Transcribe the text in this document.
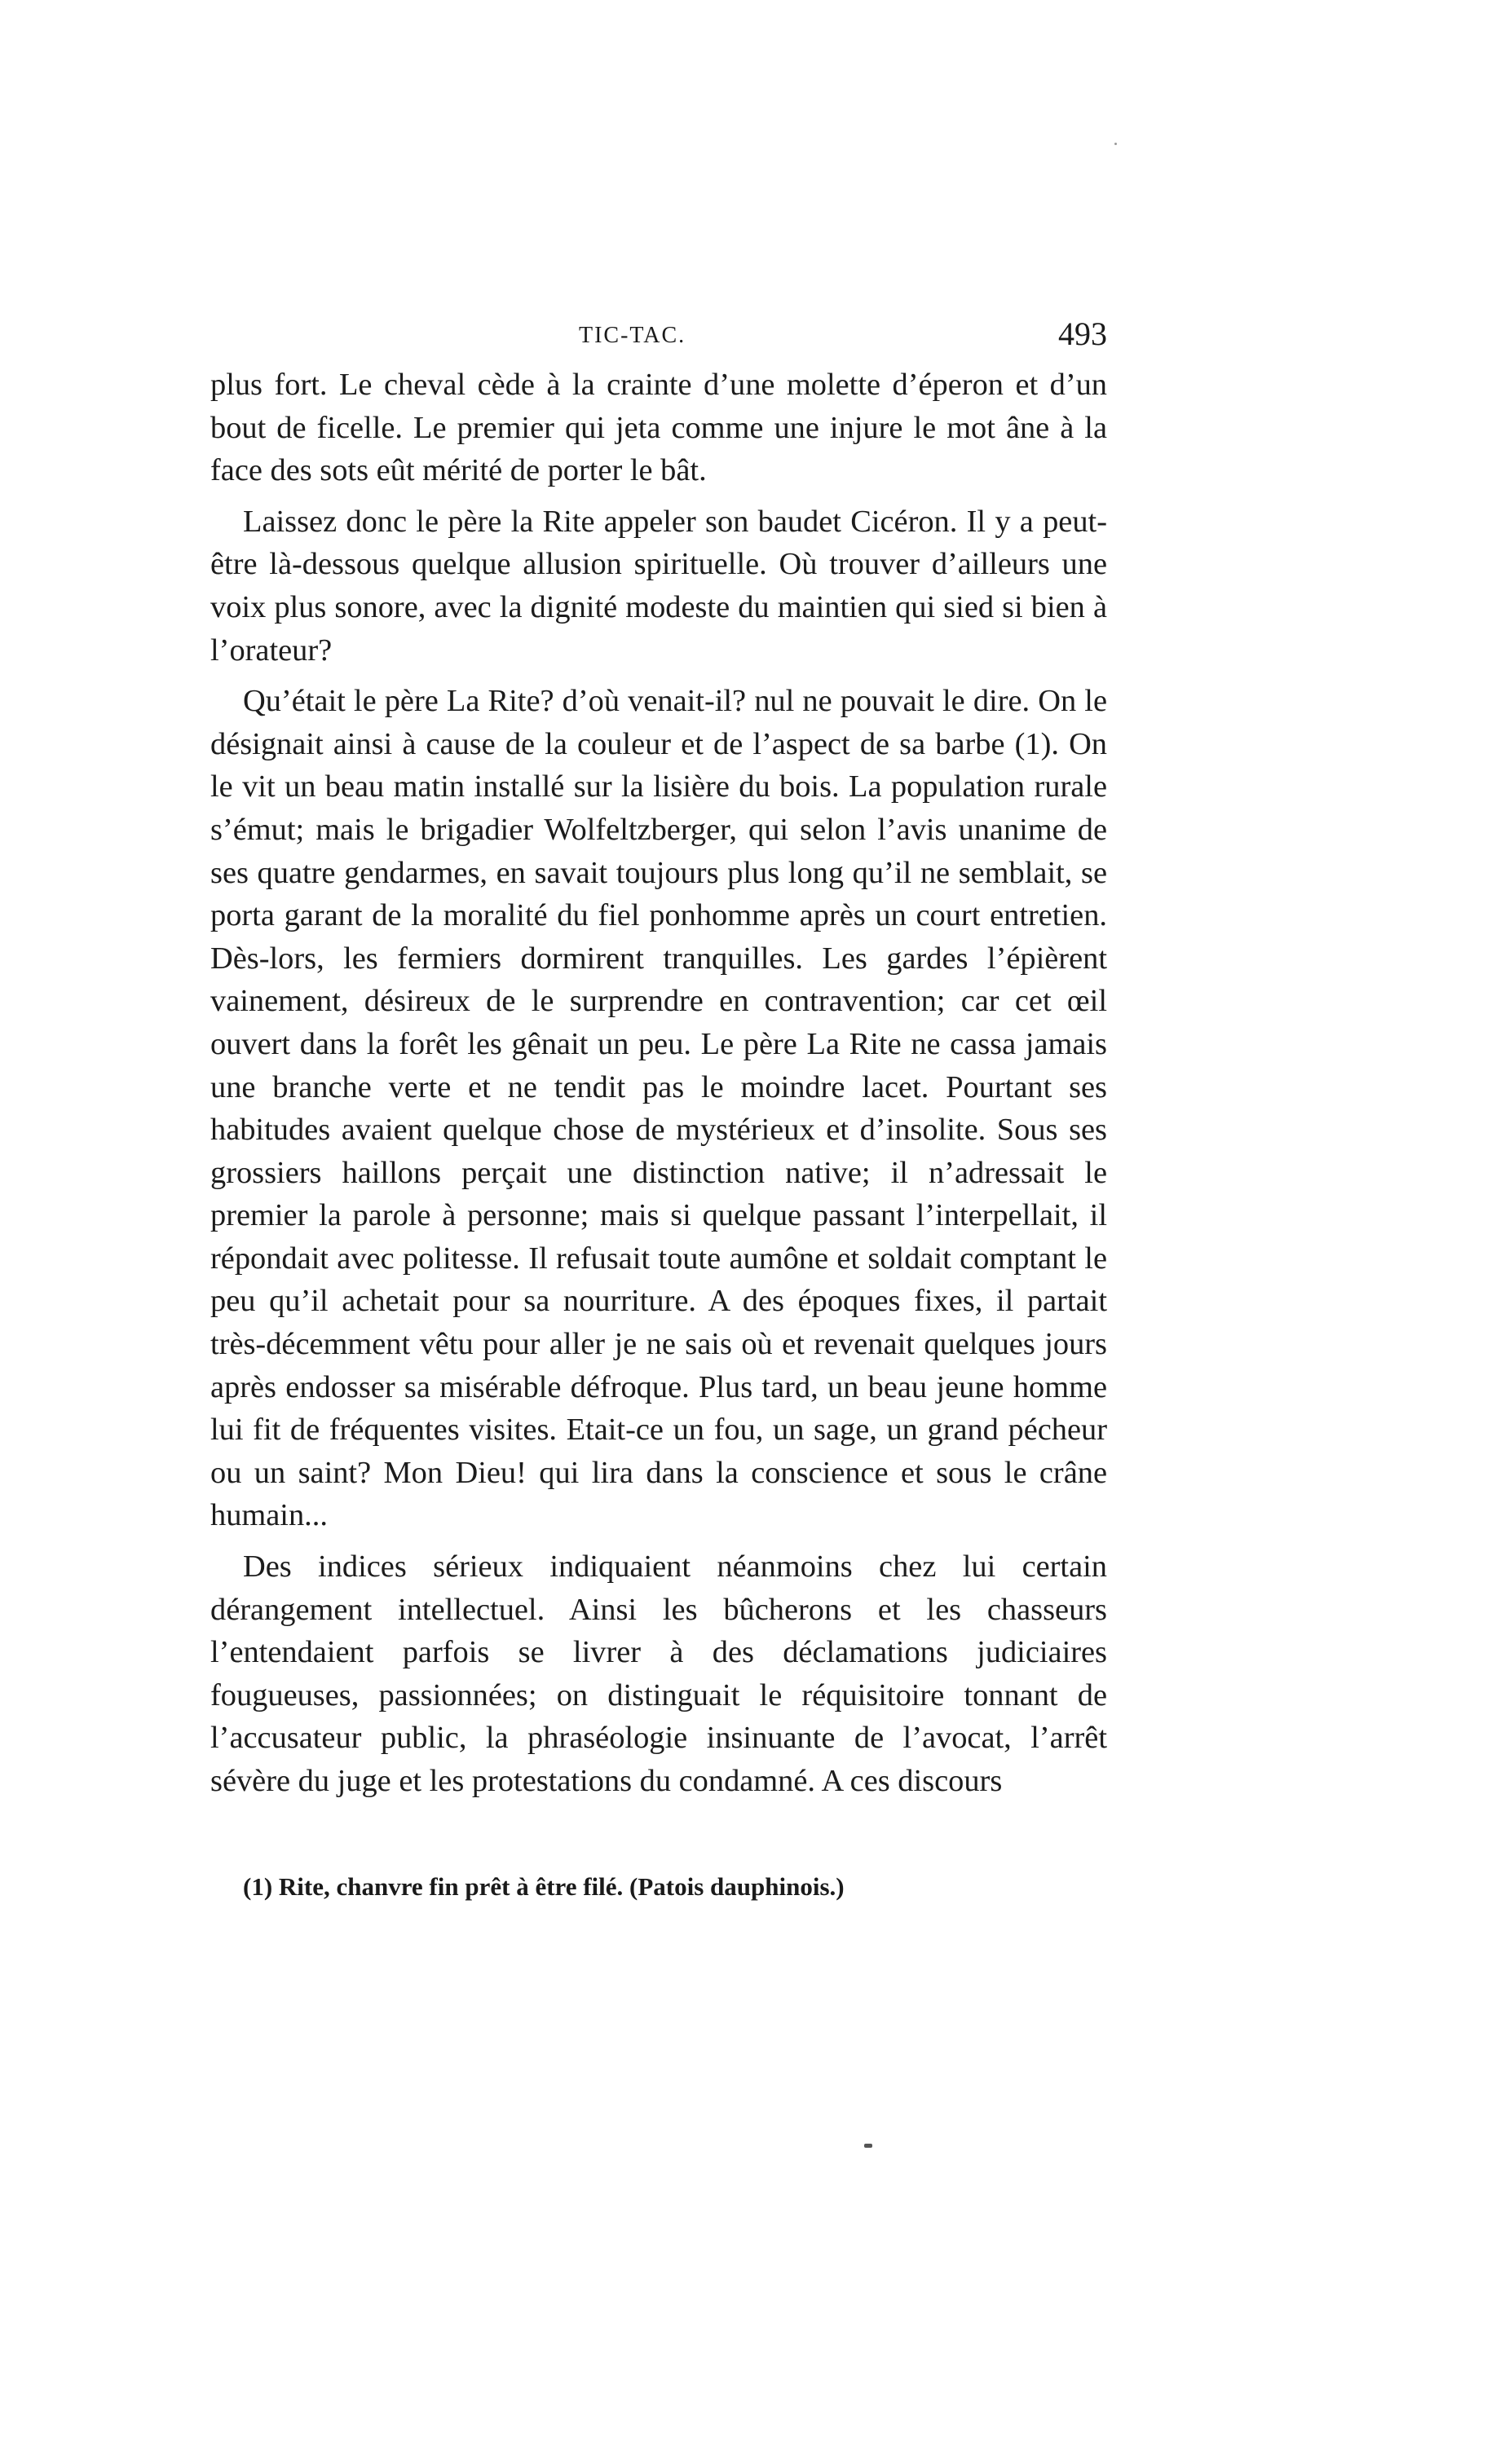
TIC-TAC.	493

plus fort. Le cheval cède à la crainte d’une molette d’éperon et d’un bout de ficelle. Le premier qui jeta comme une injure le mot âne à la face des sots eût mérité de porter le bât.

Laissez donc le père la Rite appeler son baudet Cicéron. Il y a peut-être là-dessous quelque allusion spirituelle. Où trouver d’ailleurs une voix plus sonore, avec la dignité modeste du maintien qui sied si bien à l’orateur?

Qu’était le père La Rite? d’où venait-il? nul ne pouvait le dire. On le désignait ainsi à cause de la couleur et de l’aspect de sa barbe (1). On le vit un beau matin installé sur la lisière du bois. La population rurale s’émut; mais le brigadier Wolfeltzberger, qui selon l’avis unanime de ses quatre gendarmes, en savait toujours plus long qu’il ne semblait, se porta garant de la moralité du fiel ponhomme après un court entretien. Dès-lors, les fermiers dormirent tranquilles. Les gardes l’épièrent vainement, désireux de le surprendre en contravention; car cet œil ouvert dans la forêt les gênait un peu. Le père La Rite ne cassa jamais une branche verte et ne tendit pas le moindre lacet. Pourtant ses habitudes avaient quelque chose de mystérieux et d’insolite. Sous ses grossiers haillons perçait une distinction native; il n’adressait le premier la parole à personne; mais si quelque passant l’interpellait, il répondait avec politesse. Il refusait toute aumône et soldait comptant le peu qu’il achetait pour sa nourriture. A des époques fixes, il partait très-décemment vêtu pour aller je ne sais où et revenait quelques jours après endosser sa misérable défroque. Plus tard, un beau jeune homme lui fit de fréquentes visites. Etait-ce un fou, un sage, un grand pécheur ou un saint? Mon Dieu! qui lira dans la conscience et sous le crâne humain...

Des indices sérieux indiquaient néanmoins chez lui certain dérangement intellectuel. Ainsi les bûcherons et les chasseurs l’entendaient parfois se livrer à des déclamations judiciaires fougueuses, passionnées; on distinguait le réquisitoire tonnant de l’accusateur public, la phraséologie insinuante de l’avocat, l’arrêt sévère du juge et les protestations du condamné. A ces discours

(1) Rite, chanvre fin prêt à être filé. (Patois dauphinois.)
